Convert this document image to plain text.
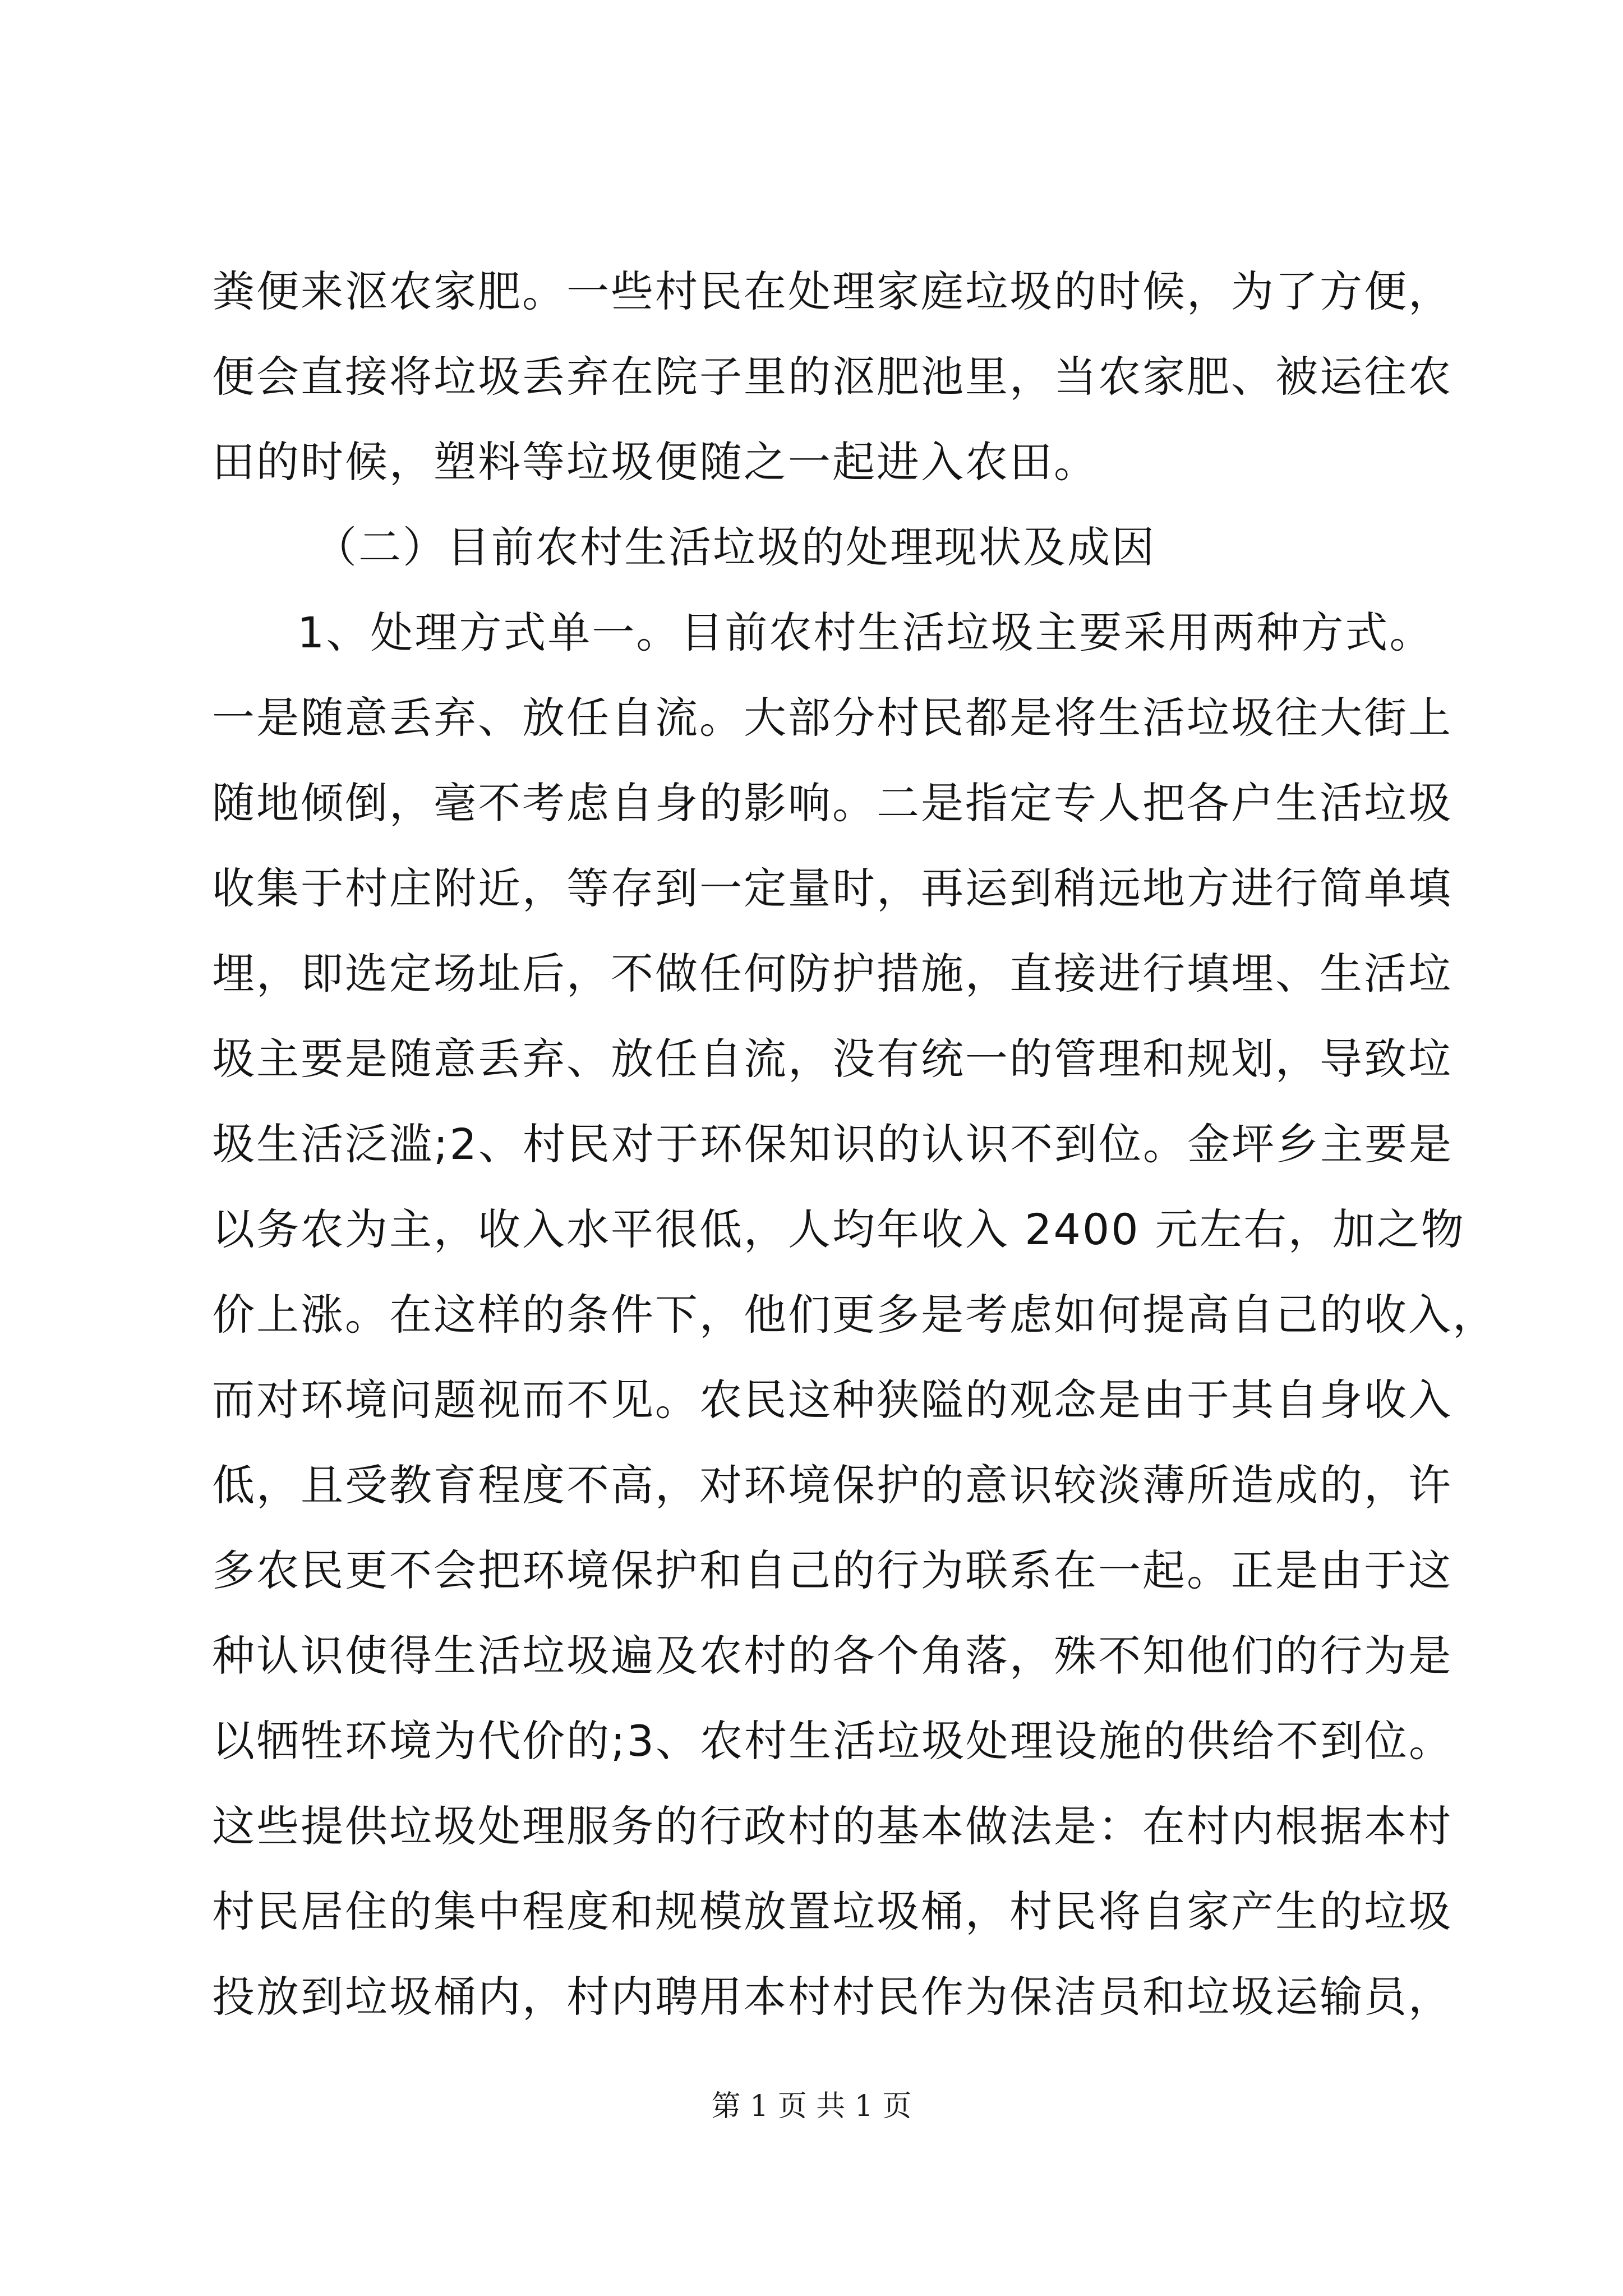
粪便来沤农家肥。一些村民在处理家庭垃圾的时候，为了方便，
便会直接将垃圾丢弃在院子里的沤肥池里，当农家肥、被运往农
田的时候，塑料等垃圾便随之一起进入农田。
（二）目前农村生活垃圾的处理现状及成因
1、处理方式单一。目前农村生活垃圾主要采用两种方式。
一是随意丢弃、放任自流。大部分村民都是将生活垃圾往大街上
随地倾倒，毫不考虑自身的影响。二是指定专人把各户生活垃圾
收集于村庄附近，等存到一定量时，再运到稍远地方进行简单填
埋，即选定场址后，不做任何防护措施，直接进行填埋、生活垃
圾主要是随意丢弃、放任自流，没有统一的管理和规划，导致垃
圾生活泛滥;2、村民对于环保知识的认识不到位。金坪乡主要是
以务农为主，收入水平很低，人均年收入 2400 元左右，加之物
价上涨。在这样的条件下，他们更多是考虑如何提高自己的收入，
而对环境问题视而不见。农民这种狭隘的观念是由于其自身收入
低，且受教育程度不高，对环境保护的意识较淡薄所造成的，许
多农民更不会把环境保护和自己的行为联系在一起。正是由于这
种认识使得生活垃圾遍及农村的各个角落，殊不知他们的行为是
以牺牲环境为代价的;3、农村生活垃圾处理设施的供给不到位。
这些提供垃圾处理服务的行政村的基本做法是：在村内根据本村
村民居住的集中程度和规模放置垃圾桶，村民将自家产生的垃圾
投放到垃圾桶内，村内聘用本村村民作为保洁员和垃圾运输员，
第 1 页 共 1 页
